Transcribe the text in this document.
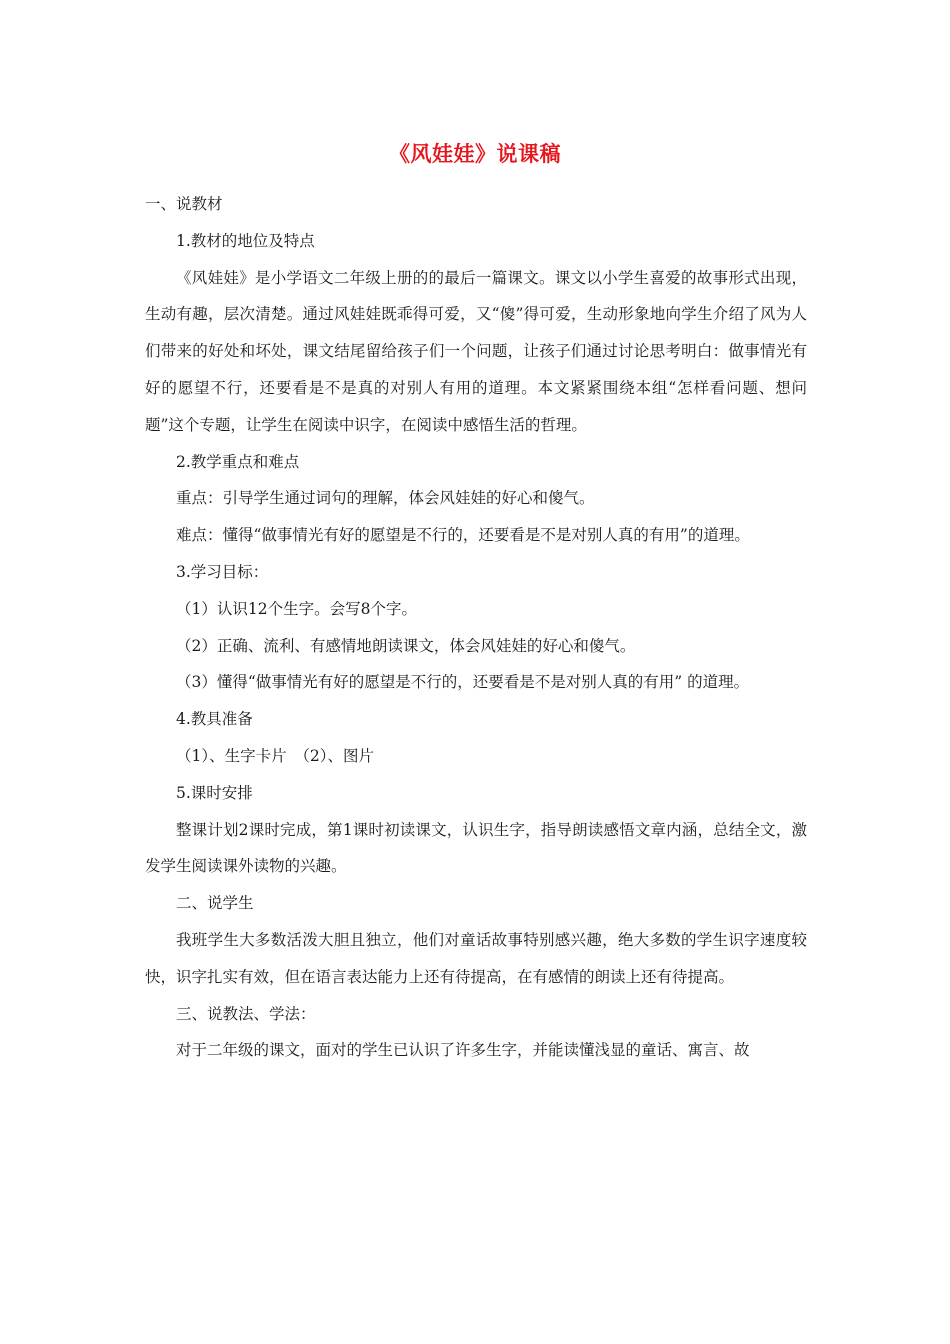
《风娃娃》说课稿
一、说教材
1.教材的地位及特点
《风娃娃》是小学语文二年级上册的的最后一篇课文。课文以小学生喜爱的故事形式出现，生动有趣，层次清楚。通过风娃娃既乖得可爱，又“傻”得可爱，生动形象地向学生介绍了风为人们带来的好处和坏处，课文结尾留给孩子们一个问题，让孩子们通过讨论思考明白：做事情光有好的愿望不行，还要看是不是真的对别人有用的道理。本文紧紧围绕本组“怎样看问题、想问题”这个专题，让学生在阅读中识字，在阅读中感悟生活的哲理。
2.教学重点和难点
重点：引导学生通过词句的理解，体会风娃娃的好心和傻气。
难点：懂得“做事情光有好的愿望是不行的，还要看是不是对别人真的有用”的道理。
3.学习目标：
（1）认识12个生字。会写8个字。
（2）正确、流利、有感情地朗读课文，体会风娃娃的好心和傻气。
（3）懂得“做事情光有好的愿望是不行的，还要看是不是对别人真的有用” 的道理。
4.教具准备
（1）、生字卡片　（2）、图片
5.课时安排
整课计划2课时完成，第1课时初读课文，认识生字，指导朗读感悟文章内涵，总结全文，激发学生阅读课外读物的兴趣。
二、说学生
我班学生大多数活泼大胆且独立，他们对童话故事特别感兴趣，绝大多数的学生识字速度较快，识字扎实有效，但在语言表达能力上还有待提高，在有感情的朗读上还有待提高。
三、说教法、学法：
对于二年级的课文，面对的学生已认识了许多生字，并能读懂浅显的童话、寓言、故
